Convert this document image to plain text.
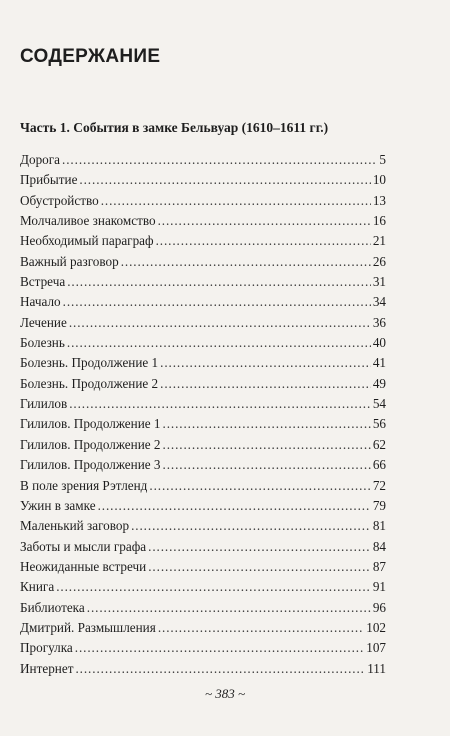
СОДЕРЖАНИЕ
Часть 1. События в замке Бельвуар (1610–1611 гг.)
Дорога . . .	5
Прибытие . . .	10
Обустройство . . .	13
Молчаливое знакомство . . .	16
Необходимый параграф . . .	21
Важный разговор . . .	26
Встреча . . .	31
Начало . . .	34
Лечение . . .	36
Болезнь . . .	40
Болезнь. Продолжение 1 . . .	41
Болезнь. Продолжение 2 . . .	49
Гилилов . . .	54
Гилилов. Продолжение 1 . . .	56
Гилилов. Продолжение 2 . . .	62
Гилилов. Продолжение 3 . . .	66
В поле зрения Рэтленд . . .	72
Ужин в замке . . .	79
Маленький заговор . . .	81
Заботы и мысли графа . . .	84
Неожиданные встречи . . .	87
Книга . . .	91
Библиотека . . .	96
Дмитрий. Размышления . . .	102
Прогулка . . .	107
Интернет . . .	111
~ 383 ~
